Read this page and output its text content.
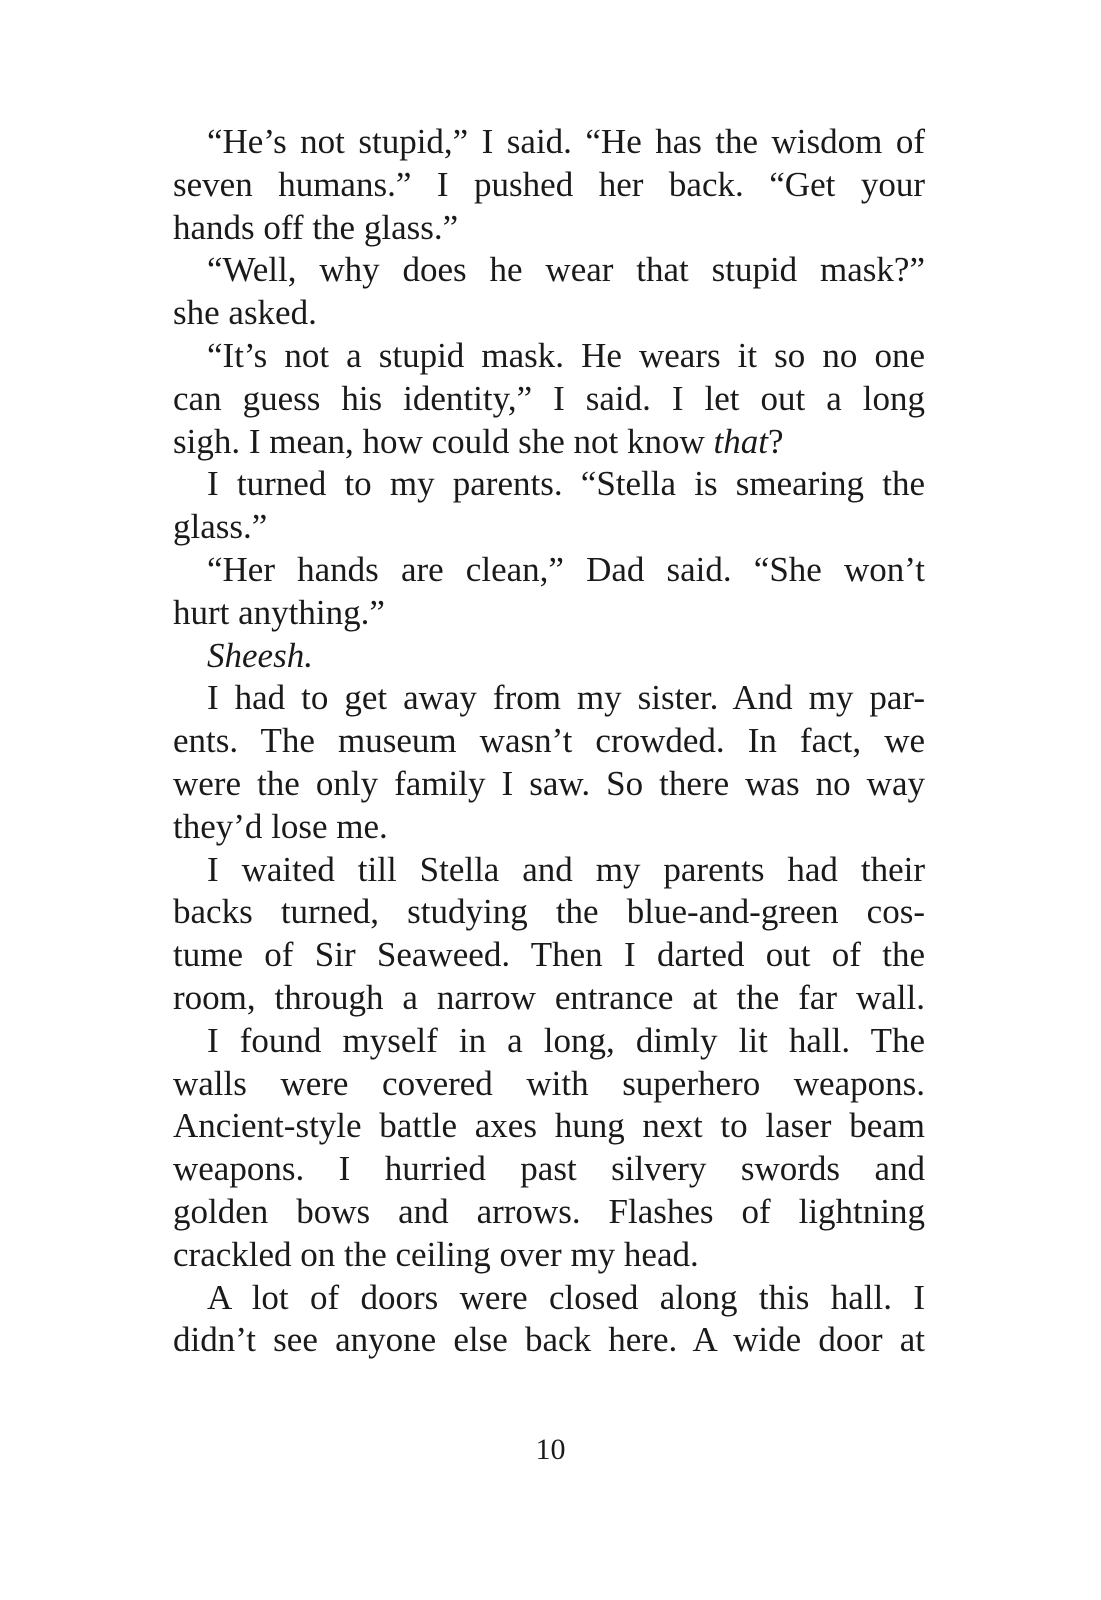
“He’s not stupid,” I said. “He has the wisdom of
seven humans.” I pushed her back. “Get your
hands off the glass.”
“Well, why does he wear that stupid mask?”
she asked.
“It’s not a stupid mask. He wears it so no one
can guess his identity,” I said. I let out a long
sigh. I mean, how could she not know that?
I turned to my parents. “Stella is smearing the
glass.”
“Her hands are clean,” Dad said. “She won’t
hurt anything.”
Sheesh.
I had to get away from my sister. And my par-
ents. The museum wasn’t crowded. In fact, we
were the only family I saw. So there was no way
they’d lose me.
I waited till Stella and my parents had their
backs turned, studying the blue-and-green cos-
tume of Sir Seaweed. Then I darted out of the
room, through a narrow entrance at the far wall.
I found myself in a long, dimly lit hall. The
walls were covered with superhero weapons.
Ancient-style battle axes hung next to laser beam
weapons. I hurried past silvery swords and
golden bows and arrows. Flashes of lightning
crackled on the ceiling over my head.
A lot of doors were closed along this hall. I
didn’t see anyone else back here. A wide door at
10
